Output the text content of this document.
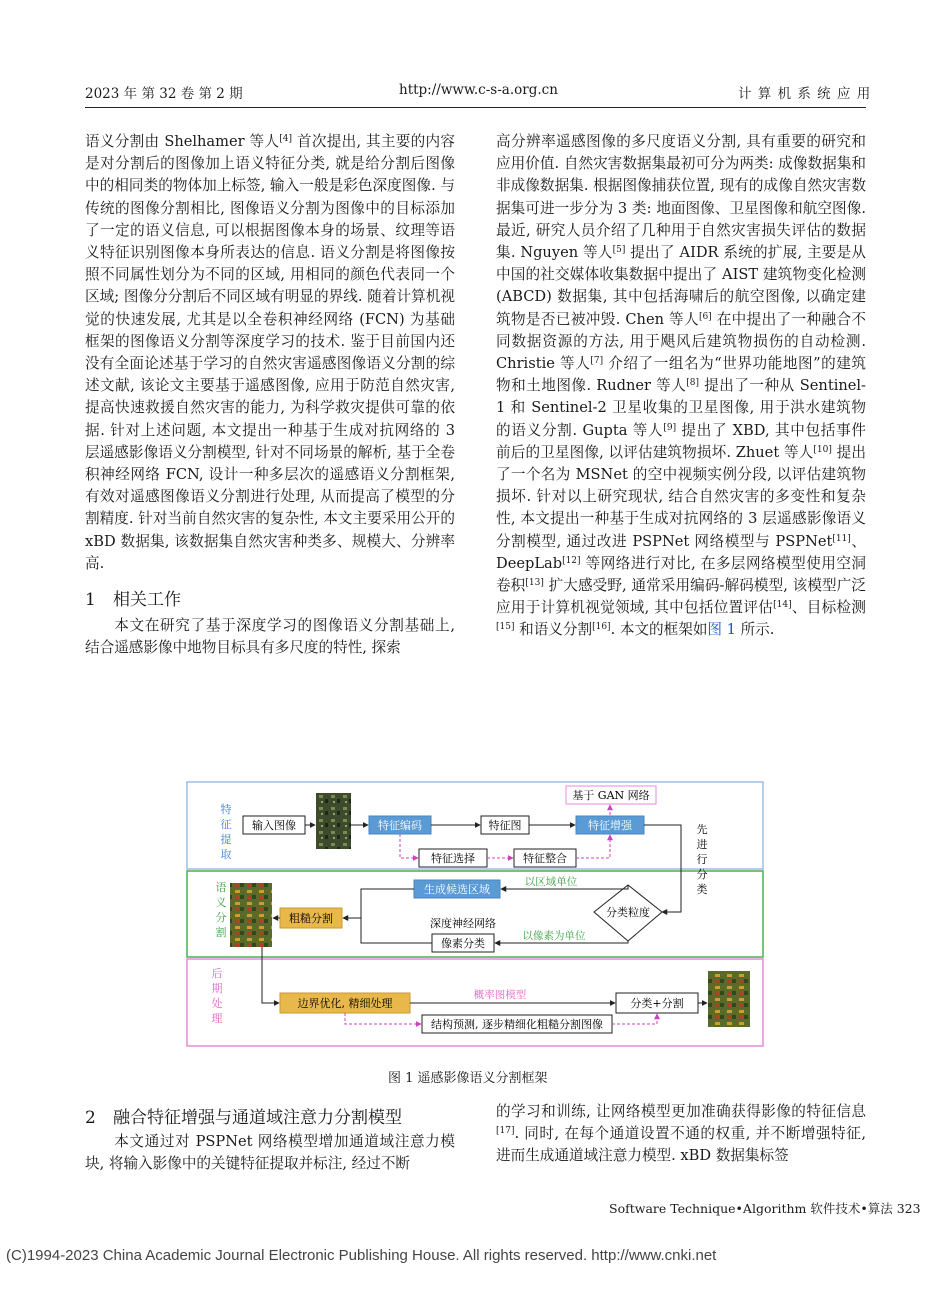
2023 年 第 32 卷 第 2 期	http://www.c-s-a.org.cn	计 算 机 系 统 应 用

语义分割由 Shelhamer 等人[4] 首次提出, 其主要的内容是对分割后的图像加上语义特征分类, 就是给分割后图像中的相同类的物体加上标签, 输入一般是彩色深度图像. 与传统的图像分割相比, 图像语义分割为图像中的目标添加了一定的语义信息, 可以根据图像本身的场景、纹理等语义特征识别图像本身所表达的信息. 语义分割是将图像按照不同属性划分为不同的区域, 用相同的颜色代表同一个区域; 图像分分割后不同区域有明显的界线. 随着计算机视觉的快速发展, 尤其是以全卷积神经网络 (FCN) 为基础框架的图像语义分割等深度学习的技术. 鉴于目前国内还没有全面论述基于学习的自然灾害遥感图像语义分割的综述文献, 该论文主要基于遥感图像, 应用于防范自然灾害, 提高快速救援自然灾害的能力, 为科学救灾提供可靠的依据. 针对上述问题, 本文提出一种基于生成对抗网络的 3 层遥感影像语义分割模型, 针对不同场景的解析, 基于全卷积神经网络 FCN, 设计一种多层次的遥感语义分割框架, 有效对遥感图像语义分割进行处理, 从而提高了模型的分割精度. 针对当前自然灾害的复杂性, 本文主要采用公开的 xBD 数据集, 该数据集自然灾害种类多、规模大、分辨率高.

1 相关工作

本文在研究了基于深度学习的图像语义分割基础上, 结合遥感影像中地物目标具有多尺度的特性, 探索

高分辨率遥感图像的多尺度语义分割, 具有重要的研究和应用价值. 自然灾害数据集最初可分为两类: 成像数据集和非成像数据集. 根据图像捕获位置, 现有的成像自然灾害数据集可进一步分为 3 类: 地面图像、卫星图像和航空图像. 最近, 研究人员介绍了几种用于自然灾害损失评估的数据集. Nguyen 等人[5] 提出了 AIDR 系统的扩展, 主要是从中国的社交媒体收集数据中提出了 AIST 建筑物变化检测 (ABCD) 数据集, 其中包括海啸后的航空图像, 以确定建筑物是否已被冲毁. Chen 等人[6] 在中提出了一种融合不同数据资源的方法, 用于飓风后建筑物损伤的自动检测. Christie 等人[7] 介绍了一组名为“世界功能地图”的建筑物和土地图像. Rudner 等人[8] 提出了一种从 Sentinel-1 和 Sentinel-2 卫星收集的卫星图像, 用于洪水建筑物的语义分割. Gupta 等人[9] 提出了 XBD, 其中包括事件前后的卫星图像, 以评估建筑物损坏. Zhuet 等人[10] 提出了一个名为 MSNet 的空中视频实例分段, 以评估建筑物损坏. 针对以上研究现状, 结合自然灾害的多变性和复杂性, 本文提出一种基于生成对抗网络的 3 层遥感影像语义分割模型, 通过改进 PSPNet 网络模型与 PSPNet[11]、DeepLab[12] 等网络进行对比, 在多层网络模型使用空洞卷积[13] 扩大感受野, 通常采用编码-解码模型, 该模型广泛应用于计算机视觉领域, 其中包括位置评估[14]、目标检测[15] 和语义分割[16]. 本文的框架如图 1 所示.

特征提取
语义分割
后期处理
输入图像	特征编码	特征图	特征增强
基于 GAN 网络
特征选择	特征整合
先进行分类
生成候选区域
分类粒度
粗糙分割	深度神经网络
像素分类
以区域单位
以像素为单位
边界优化, 精细处理	分类+分割
结构预测, 逐步精细化粗糙分割图像
概率图模型
图 1 遥感影像语义分割框架
2 融合特征增强与通道域注意力分割模型

本文通过对 PSPNet 网络模型增加通道域注意力模块, 将输入影像中的关键特征提取并标注, 经过不断

的学习和训练, 让网络模型更加准确获得影像的特征信息[17]. 同时, 在每个通道设置不通的权重, 并不断增强特征, 进而生成通道域注意力模型. xBD 数据集标签

Software Technique•Algorithm 软件技术•算法 323
(C)1994-2023 China Academic Journal Electronic Publishing House. All rights reserved. http://www.cnki.net
